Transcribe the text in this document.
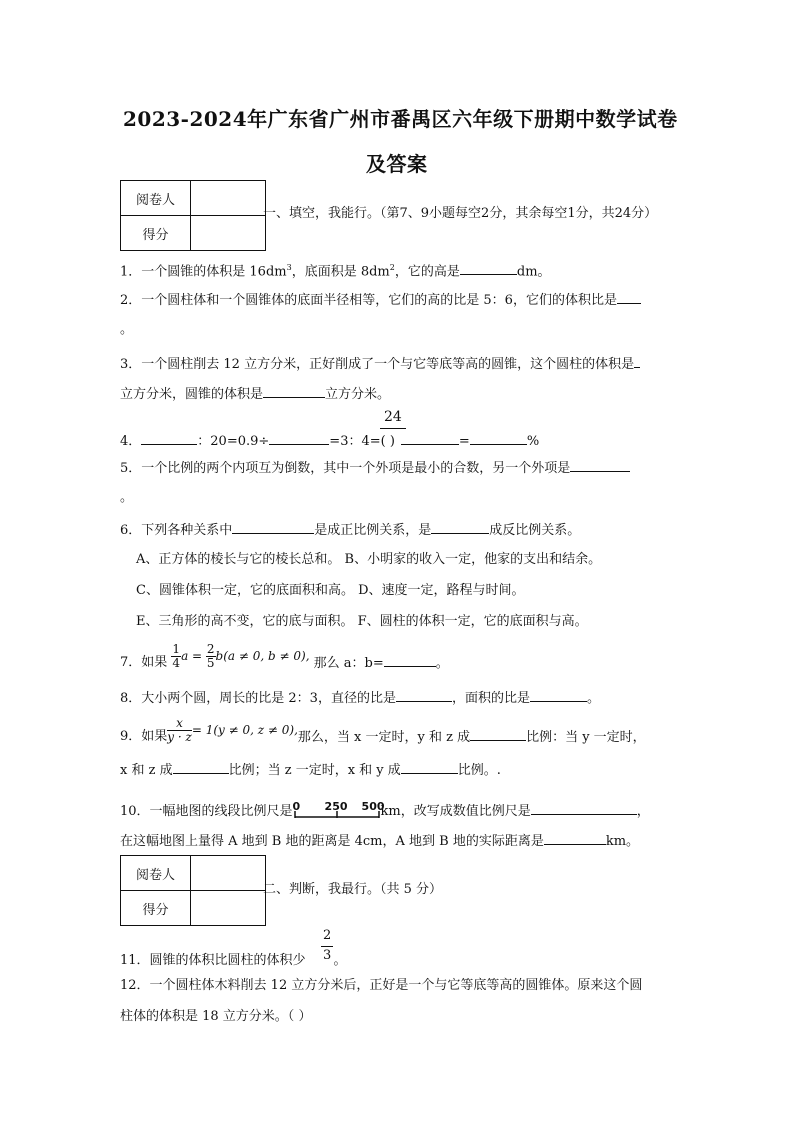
2023-2024年广东省广州市番禺区六年级下册期中数学试卷
及答案
阅卷人	
得分	
一、填空，我能行。（第7、9小题每空2分，其余每空1分，共24分）
1．一个圆锥的体积是 $16dm^3$，底面积是 $8dm^2$，它的高是	dm。
2．一个圆柱体和一个圆锥体的底面半径相等，它们的高的比是 5：6，它们的体积比是
。
3．一个圆柱削去 12 立方分米，正好削成了一个与它等底等高的圆锥，这个圆柱的体积是
立方分米，圆锥的体积是	立方分米。
24
4．	：20=0.9÷	=3：4=( )	=	%
5．一个比例的两个内项互为倒数，其中一个外项是最小的合数，另一个外项是
。
6．下列各种关系中	是成正比例关系，是	成反比例关系。
A、正方体的棱长与它的棱长总和。 B、小明家的收入一定，他家的支出和结余。
C、圆锥体积一定，它的底面积和高。 D、速度一定，路程与时间。
E、三角形的高不变，它的底与面积。 F、圆柱的体积一定，它的底面积与高。
7．如果 $\frac{1}{4}$ $a = \frac{2}{5} b(a \ne 0$, b ≠ 0), 那么 a：b=	。
8．大小两个圆，周长的比是 2：3，直径的比是	，面积的比是	。
9．如果 $\frac{x}{y \cdot z} = 1(y \ne 0$, z ≠ 0),那么，当 x 一定时，y 和 z 成	比例：当 y 一定时，
x 和 z 成	比例；当 z 一定时，x 和 y 成	比例。.
10．一幅地图的线段比例尺是 0 250 500
km，改写成数值比例尺是	，
在这幅地图上量得 A 地到 B 地的距离是 4cm，A 地到 B 地的实际距离是	km。
阅卷人	
得分	
二、判断，我最行。（共 5 分）
2
3
11．圆锥的体积比圆柱的体积少 。
12．一个圆柱体木料削去 12 立方分米后，正好是一个与它等底等高的圆锥体。原来这个圆
柱体的体积是 18 立方分米。（ ）
